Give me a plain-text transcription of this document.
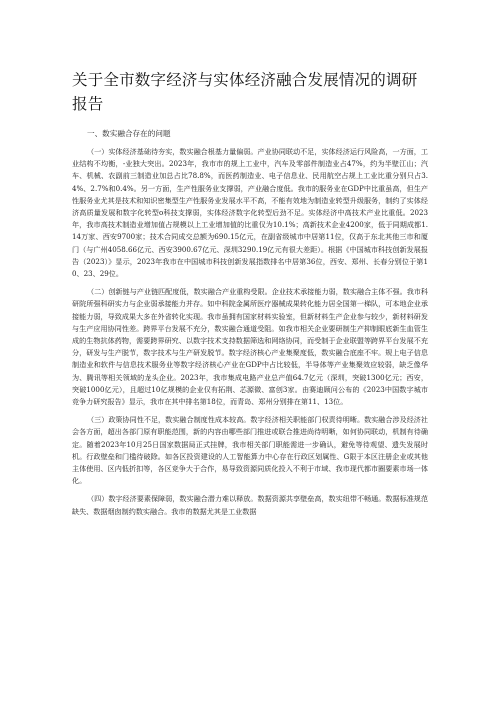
关于全市数字经济与实体经济融合发展情况的调研报告
一、数实融合存在的问题

（一）实体经济基础待夯实，数实融合根基力量偏弱。产业协同联动不足，实体经济运行风险高，一方面，工业结构不均衡，-业独大突出。2023年，我市市的规上工业中，汽车及零部件制造业占47%，约为半壁江山；汽车、机械、农副前三制造业加总占比78.8%，而医药制造业、电子信息业、民用航空占规上工业比重分别只占3.4%、2.7%和0.4%。另一方面，生产性服务业支撑弱，产业融合度低。我市的服务业在GDP中比重虽高，但生产性服务业尤其是技术和知识密集型生产性服务业发展水平不高，不能有效地为制造业转型升级服务，制约了实体经济高质量发展和数字化转型o科技支撑弱，实体经济数字化转型后劲不足。实体经济中高技术产业比重低。2023年，我市高技术制造业增加值占规模以上工业增加值的比重仅为10.1%；高新技术企业4200家，低于同期成都1.14万家、西安9700家；技术合同成交总额为690.15亿元，在副省级城市中居第11位，仅高于东北其他三市和厦门（与广州4058.66亿元、西安3900.67亿元、深圳3290.19亿元有很大差距）。根据《中国城市科技创新发展报告（2023）》显示，2023年我市在中国城市科技创新发展指数排名中居第36位，西安、郑州、长春分别位于第10、23、29位。

（二）创新链与产业链匹配度低，数实融合产业重构受限。企业技术承接能力弱，数实融合主体不强。我市科研院所强科研实力与企业弱承接能力并存。如中科院金属所医疗器械成果转化能力居全国第一梯队，可本地企业承接能力弱，导致成果大多在外省转化实现。我市虽拥有国家材料实验室，但新材料生产企业参与较少，新材料研发与生产应用协同性差。跨界平台发展不充分，数实融合通道受阻。如我市相关企业要研制生产抑制眼底新生血管生成的生物抗体药物，需要跨界研究、以数字技术支持数据筛选和网络协同，而受制于企业联盟等跨界平台发展不充分，研发与生产脱节，数字技术与生产研发脱节。数字经济核心产业集聚度低，数实融合底座不牢。规上电子信息制造业和软件与信息技术服务业等数字经济核心产业在GDP中占比较低，半导体等产业集聚效应较弱，缺乏像华为、腾讯等相关领域的龙头企业。2023年，我市集成电路产业总产值64.7亿元（深圳，突破1300亿元；西安，突破1000亿元），且超过10亿规模的企业仅有拓荆、芯源微、富创3家。由赛迪顾问公布的《2023中国数字城市竞争力研究报告》显示，我市在其中排名第18位，而青岛、郑州分别排在第11、13位。

（三）政策协同性不足，数实融合制度性成本较高。数字经济相关职能部门权责待明晰。数实融合涉及经济社会各方面，超出各部门原有职能范围，新的内容由哪些部门推进或联合推进尚待明晰，如何协同联动，机制有待确定。随着2023年10月25日国家数据局正式挂牌，我市相关部门职能需进一步确认，避免等待观望、遗失发展时机。行政壁垒和门槛待破除。如各区投资建设的人工智能算力中心存在行政区划属性、G限于本区注册企业或其他主体使用、区内低折扣等，各区竞争大于合作，易导致资源同质化投入不利于市域、我市现代都市圈要素市场一体化。

（四）数字经济要素保障弱，数实融合潜力难以释放。数据资源共享壁垒高，数实纽带不畅通。数据标准规范缺失、数据烟囱制约数实融合。我市的数据尤其是工业数据
